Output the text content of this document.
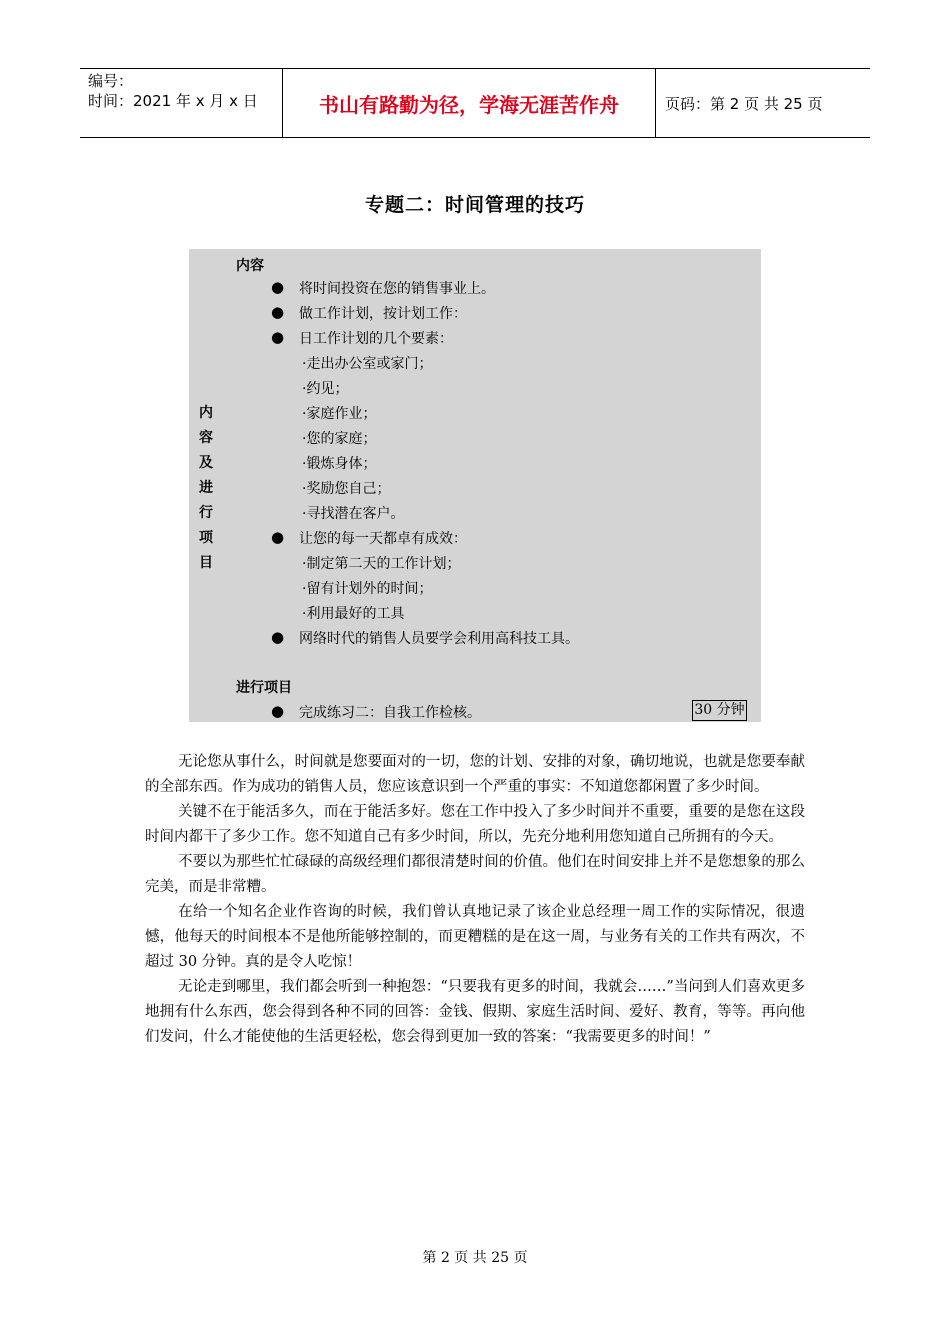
编号：
时间：2021 年 x 月 x 日	书山有路勤为径，学海无涯苦作舟	页码：第 2 页 共 25 页
专题二：时间管理的技巧
内容
内
容
及
进
行
项
目
● 将时间投资在您的销售事业上。
● 做工作计划，按计划工作：
● 日工作计划的几个要素：
·走出办公室或家门；
·约见；
·家庭作业；
·您的家庭；
·锻炼身体；
·奖励您自己；
·寻找潜在客户。
● 让您的每一天都卓有成效：
·制定第二天的工作计划；
·留有计划外的时间；
·利用最好的工具
● 网络时代的销售人员要学会利用高科技工具。
进行项目
● 完成练习二：自我工作检核。	30 分钟

无论您从事什么，时间就是您要面对的一切，您的计划、安排的对象，确切地说，也就是您要奉献的全部东西。作为成功的销售人员，您应该意识到一个严重的事实：不知道您都闲置了多少时间。

关键不在于能活多久，而在于能活多好。您在工作中投入了多少时间并不重要，重要的是您在这段时间内都干了多少工作。您不知道自己有多少时间，所以，先充分地利用您知道自己所拥有的今天。

不要以为那些忙忙碌碌的高级经理们都很清楚时间的价值。他们在时间安排上并不是您想象的那么完美，而是非常糟。

在给一个知名企业作咨询的时候，我们曾认真地记录了该企业总经理一周工作的实际情况，很遗憾，他每天的时间根本不是他所能够控制的，而更糟糕的是在这一周，与业务有关的工作共有两次，不超过 30 分钟。真的是令人吃惊！

无论走到哪里，我们都会听到一种抱怨：“只要我有更多的时间，我就会……”当问到人们喜欢更多地拥有什么东西，您会得到各种不同的回答：金钱、假期、家庭生活时间、爱好、教育，等等。再向他们发问，什么才能使他的生活更轻松，您会得到更加一致的答案：“我需要更多的时间！”

第 2 页 共 25 页
